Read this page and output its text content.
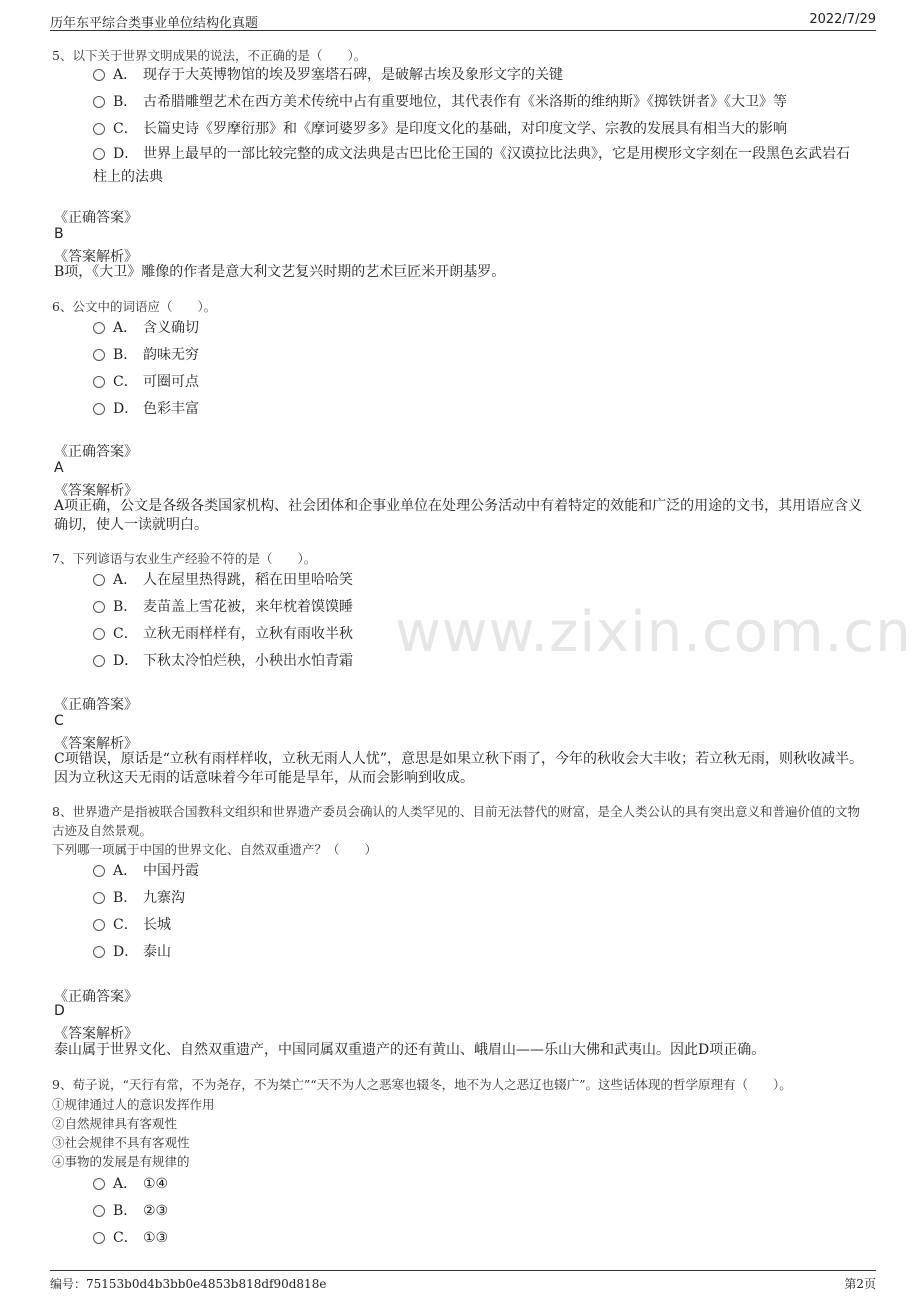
历年东平综合类事业单位结构化真题	2022/7/29
www.zixin.com.cn
5、以下关于世界文明成果的说法，不正确的是（　　）。
A． 现存于大英博物馆的埃及罗塞塔石碑，是破解古埃及象形文字的关键
B． 古希腊雕塑艺术在西方美术传统中占有重要地位，其代表作有《米洛斯的维纳斯》《掷铁饼者》《大卫》等
C． 长篇史诗《罗摩衍那》和《摩诃婆罗多》是印度文化的基础，对印度文学、宗教的发展具有相当大的影响
D． 世界上最早的一部比较完整的成文法典是古巴比伦王国的《汉谟拉比法典》，它是用楔形文字刻在一段黑色玄武岩石柱上的法典
《正确答案》
B
《答案解析》
B项，《大卫》雕像的作者是意大利文艺复兴时期的艺术巨匠米开朗基罗。
6、公文中的词语应（　　）。
A． 含义确切
B． 韵味无穷
C． 可圈可点
D． 色彩丰富
《正确答案》
A
《答案解析》
A项正确，公文是各级各类国家机构、社会团体和企事业单位在处理公务活动中有着特定的效能和广泛的用途的文书，其用语应含义确切，使人一读就明白。
7、下列谚语与农业生产经验不符的是（　　）。
A． 人在屋里热得跳，稻在田里哈哈笑
B． 麦苗盖上雪花被，来年枕着馍馍睡
C． 立秋无雨样样有，立秋有雨收半秋
D． 下秋太冷怕烂秧，小秧出水怕青霜
《正确答案》
C
《答案解析》
C项错误，原话是“立秋有雨样样收，立秋无雨人人忧”，意思是如果立秋下雨了，今年的秋收会大丰收；若立秋无雨，则秋收减半。因为立秋这天无雨的话意味着今年可能是旱年，从而会影响到收成。
8、世界遗产是指被联合国教科文组织和世界遗产委员会确认的人类罕见的、目前无法替代的财富，是全人类公认的具有突出意义和普遍价值的文物古迹及自然景观。
下列哪一项属于中国的世界文化、自然双重遗产？（　　）
A． 中国丹霞
B． 九寨沟
C． 长城
D． 泰山
《正确答案》
D
《答案解析》
泰山属于世界文化、自然双重遗产，中国同属双重遗产的还有黄山、峨眉山——乐山大佛和武夷山。因此D项正确。
9、荀子说，“天行有常，不为尧存，不为桀亡”“天不为人之恶寒也辍冬，地不为人之恶辽也辍广”。这些话体现的哲学原理有（　　）。
①规律通过人的意识发挥作用
②自然规律具有客观性
③社会规律不具有客观性
④事物的发展是有规律的
A． ①④
B． ②③
C． ①③
编号：75153b0d4b3bb0e4853b818df90d818e	第2页
